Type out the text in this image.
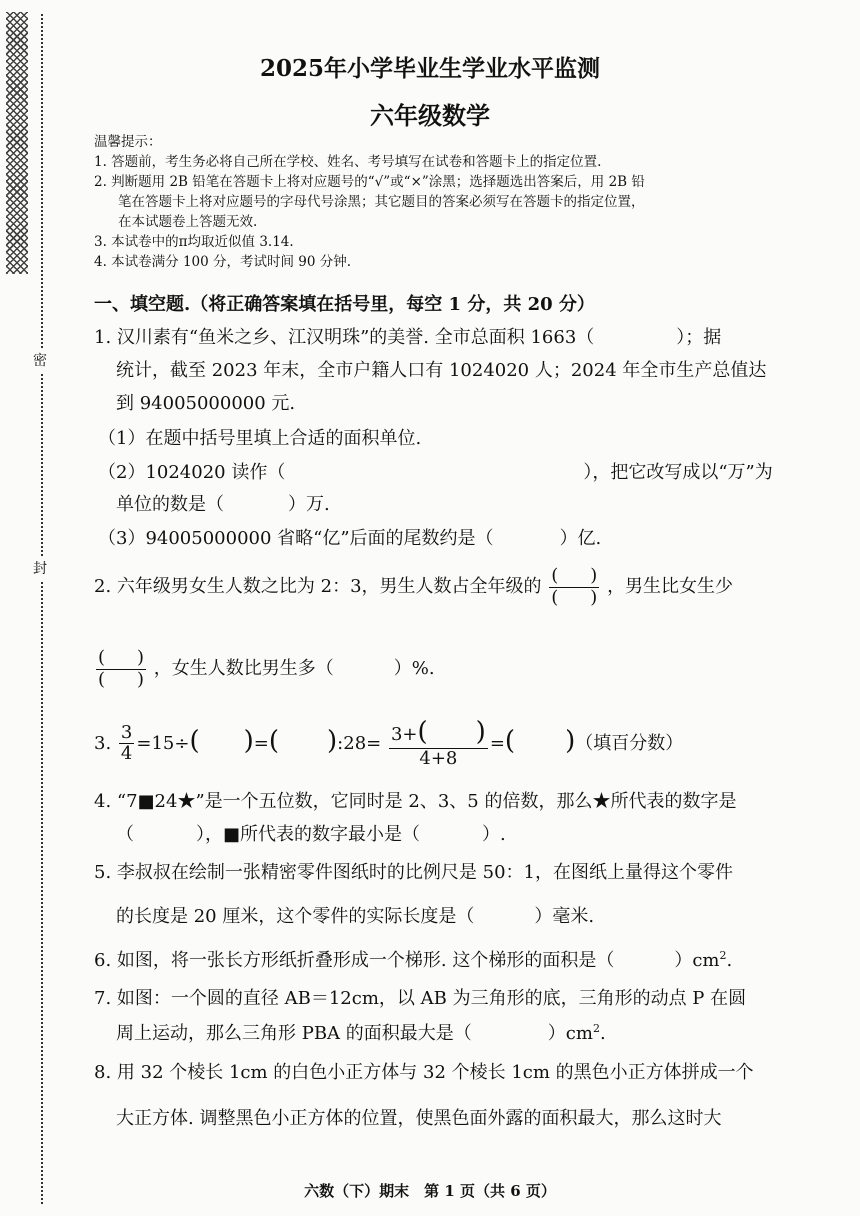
密
封
2025年小学毕业生学业水平监测
六年级数学
温馨提示：
1. 答题前，考生务必将自己所在学校、姓名、考号填写在试卷和答题卡上的指定位置.
2. 判断题用 2B 铅笔在答题卡上将对应题号的“√”或“×”涂黑；选择题选出答案后，用 2B 铅
笔在答题卡上将对应题号的字母代号涂黑；其它题目的答案必须写在答题卡的指定位置，
在本试题卷上答题无效.
3. 本试卷中的π均取近似值 3.14.
4. 本试卷满分 100 分，考试时间 90 分钟.
一、填空题.（将正确答案填在括号里，每空 1 分，共 20 分）
1. 汉川素有“鱼米之乡、江汉明珠”的美誉. 全市总面积 1663（	）；据
统计，截至 2023 年末，全市户籍人口有 1024020 人；2024 年全市生产总值达
到 94005000000 元.
（1）在题中括号里填上合适的面积单位.
（2）1024020 读作（	），把它改写成以“万”为
单位的数是（	）万.
（3）94005000000 省略“亿”后面的尾数约是（	）亿.
2. 六年级男女生人数之比为 2：3，男生人数占全年级的 $\frac{( )}{( )}$ ，男生比女生少
$\frac{( )}{( )}$ ，女生人数比男生多（	）%.
3. $\frac{3}{4} =15\div$( )=( ):28= $\frac{3+( )}{4+8}$ =( )（填百分数）
4. “7■24★”是一个五位数，它同时是 2、3、5 的倍数，那么★所代表的数字是
（	），■所代表的数字最小是（	）.
5. 李叔叔在绘制一张精密零件图纸时的比例尺是 50：1，在图纸上量得这个零件
的长度是 20 厘米，这个零件的实际长度是（	）毫米.
6. 如图，将一张长方形纸折叠形成一个梯形. 这个梯形的面积是（	）$cm^2$.
7. 如图：一个圆的直径 AB＝12cm，以 AB 为三角形的底，三角形的动点 P 在圆
周上运动，那么三角形 PBA 的面积最大是（	）$cm^2$.
8. 用 32 个棱长 1cm 的白色小正方体与 32 个棱长 1cm 的黑色小正方体拼成一个
大正方体. 调整黑色小正方体的位置，使黑色面外露的面积最大，那么这时大
六数（下）期末　第 1 页（共 6 页）
